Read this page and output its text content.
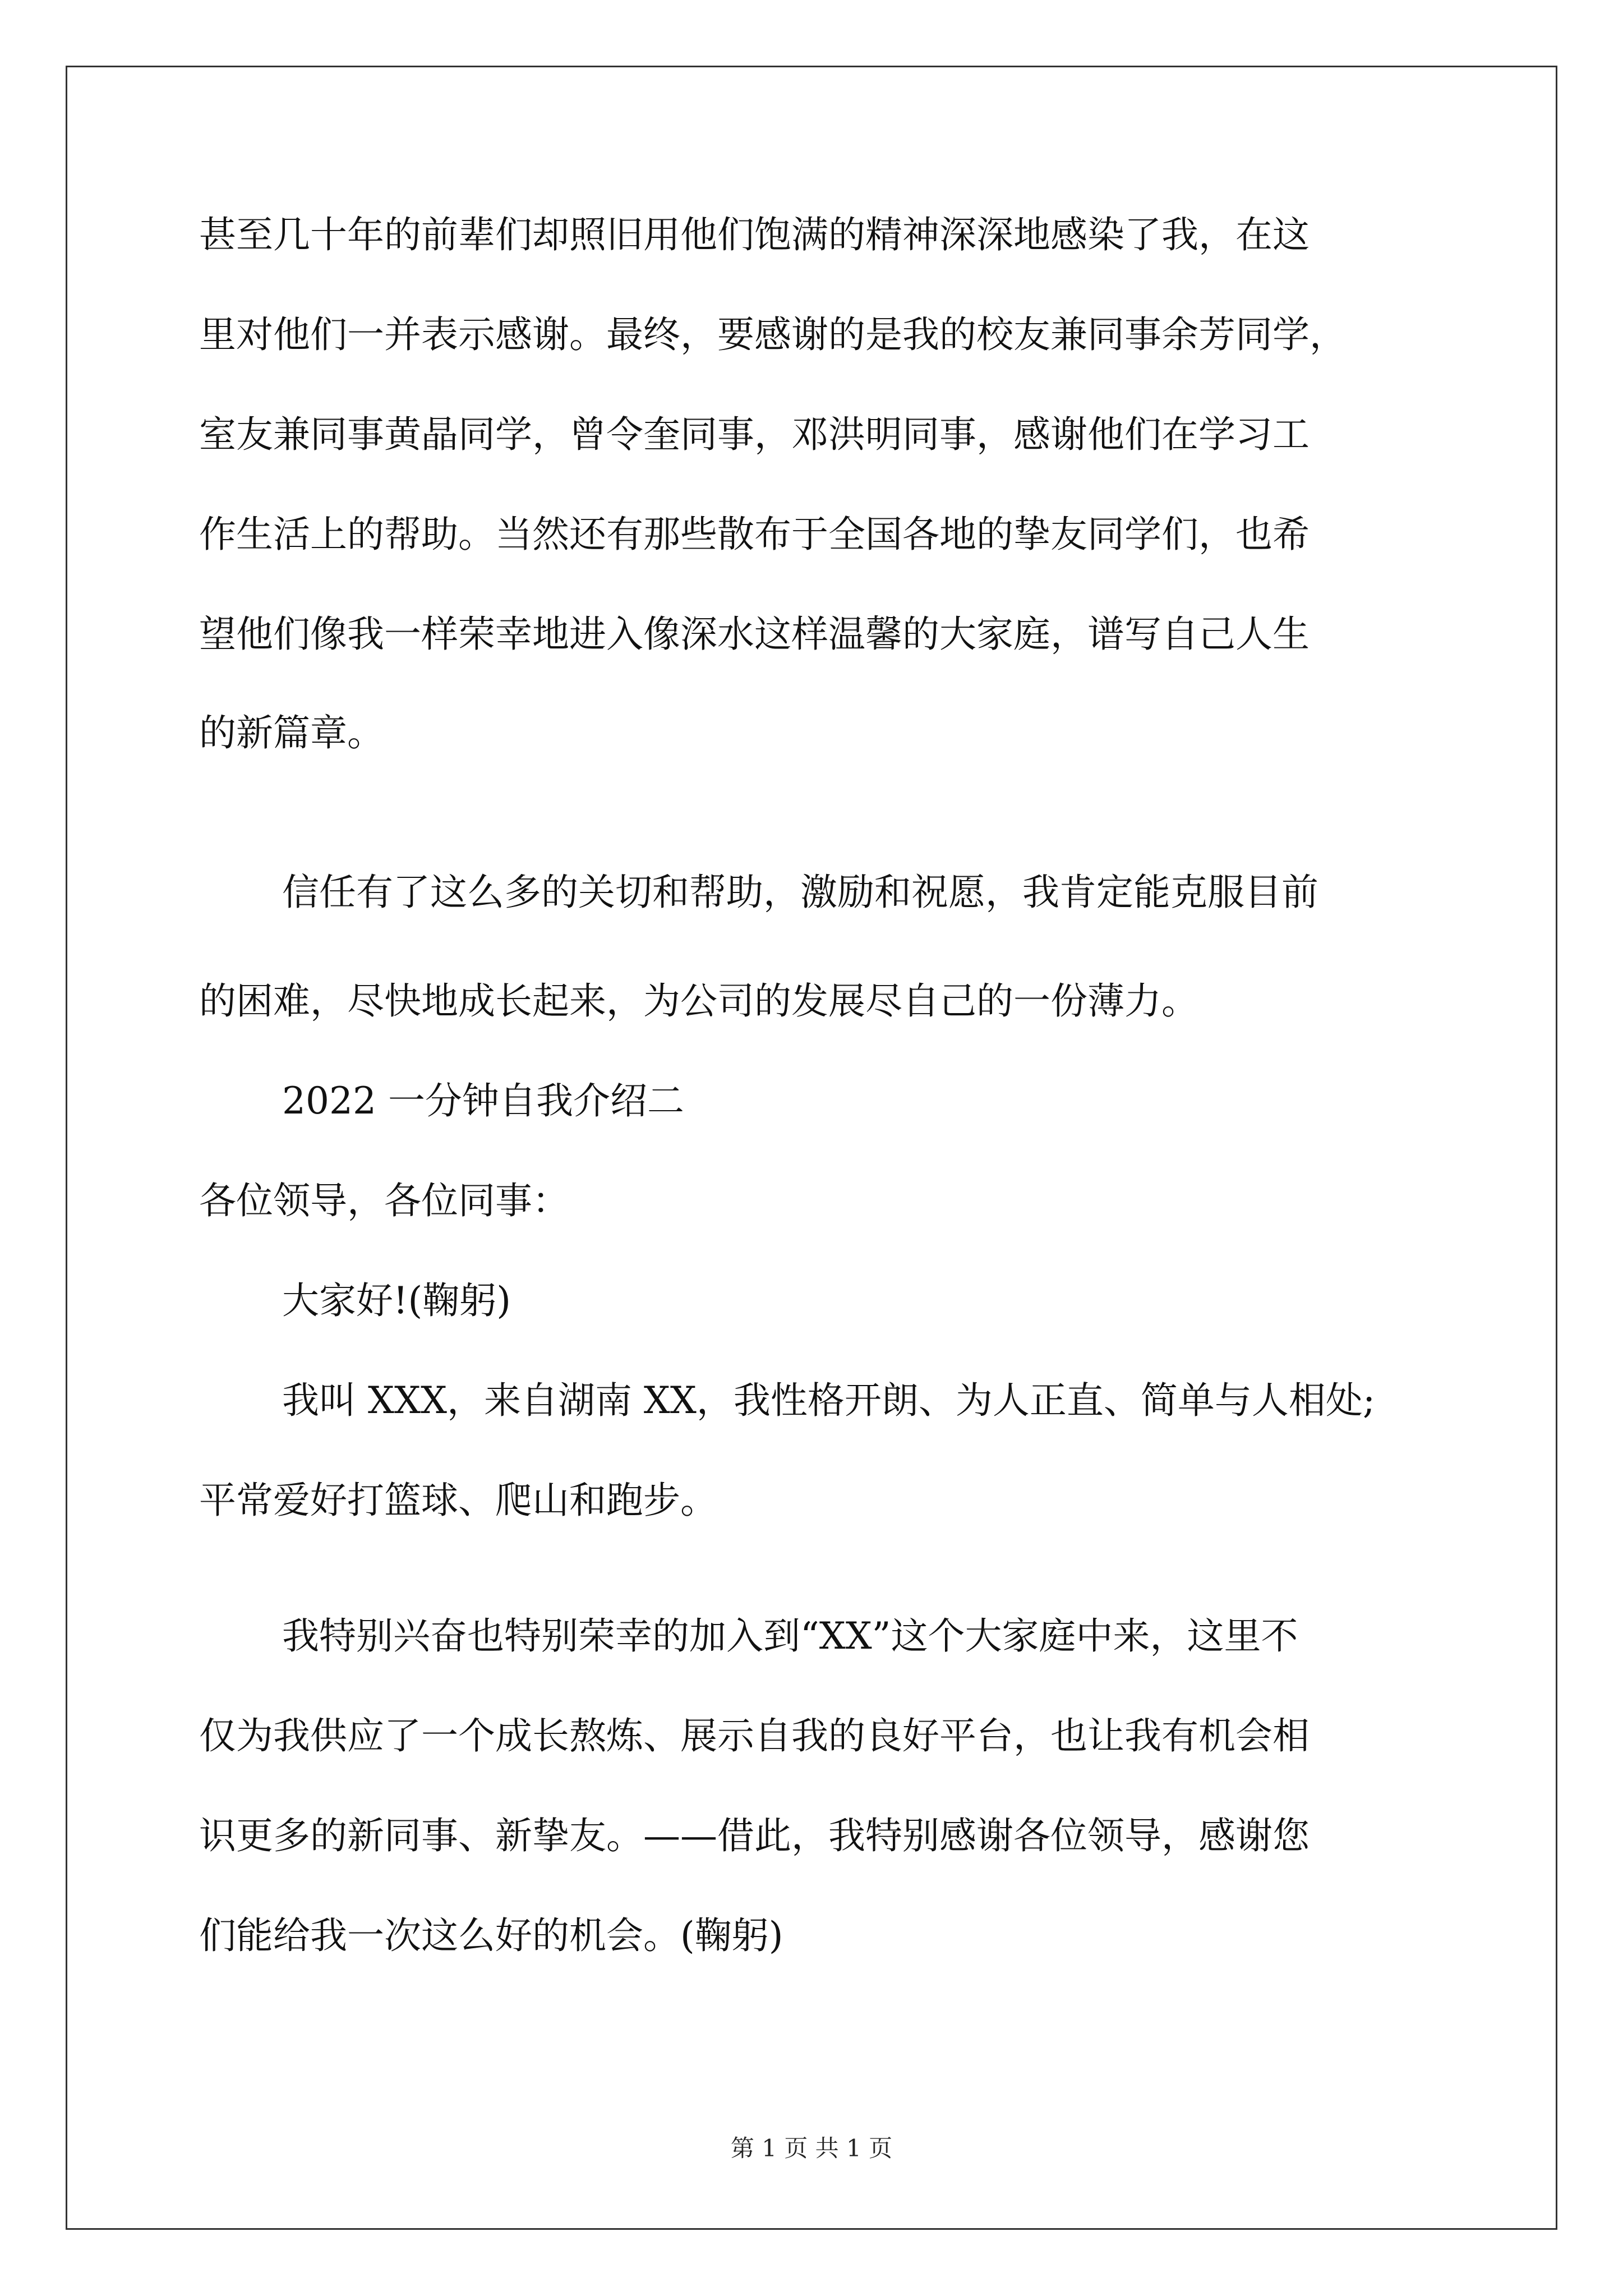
甚至几十年的前辈们却照旧用他们饱满的精神深深地感染了我，在这
里对他们一并表示感谢。最终，要感谢的是我的校友兼同事余芳同学，
室友兼同事黄晶同学，曾令奎同事，邓洪明同事，感谢他们在学习工
作生活上的帮助。当然还有那些散布于全国各地的挚友同学们，也希
望他们像我一样荣幸地进入像深水这样温馨的大家庭，谱写自己人生
的新篇章。
信任有了这么多的关切和帮助，激励和祝愿，我肯定能克服目前
的困难，尽快地成长起来，为公司的发展尽自己的一份薄力。
2022 一分钟自我介绍二
各位领导，各位同事：
大家好!(鞠躬)
我叫 XXX，来自湖南 XX，我性格开朗、为人正直、简单与人相处;
平常爱好打篮球、爬山和跑步。
我特别兴奋也特别荣幸的加入到“XX”这个大家庭中来，这里不
仅为我供应了一个成长熬炼、展示自我的良好平台，也让我有机会相
识更多的新同事、新挚友。——借此，我特别感谢各位领导，感谢您
们能给我一次这么好的机会。(鞠躬)
第 1 页 共 1 页
